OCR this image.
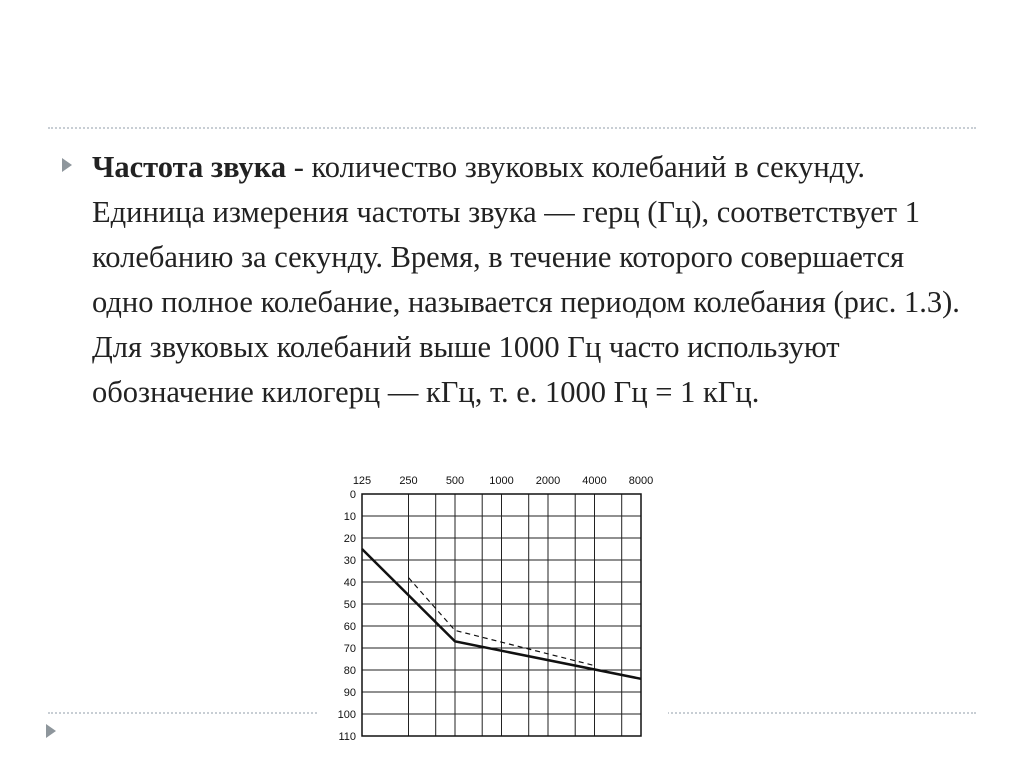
Частота звука - количество звуковых колебаний в секунду. Единица измерения частоты звука — герц (Гц), соответствует 1 колебанию за секунду. Время, в течение которого совершается одно полное колебание, называется периодом колебания (рис. 1.3). Для звуковых колебаний выше 1000 Гц часто используют обозначение килогерц — кГц, т. е. 1000 Гц = 1 кГц.

125	250	500 1000 2000 4000 8000
0
10
20
30
40
50
60
70
80
90
100
110
